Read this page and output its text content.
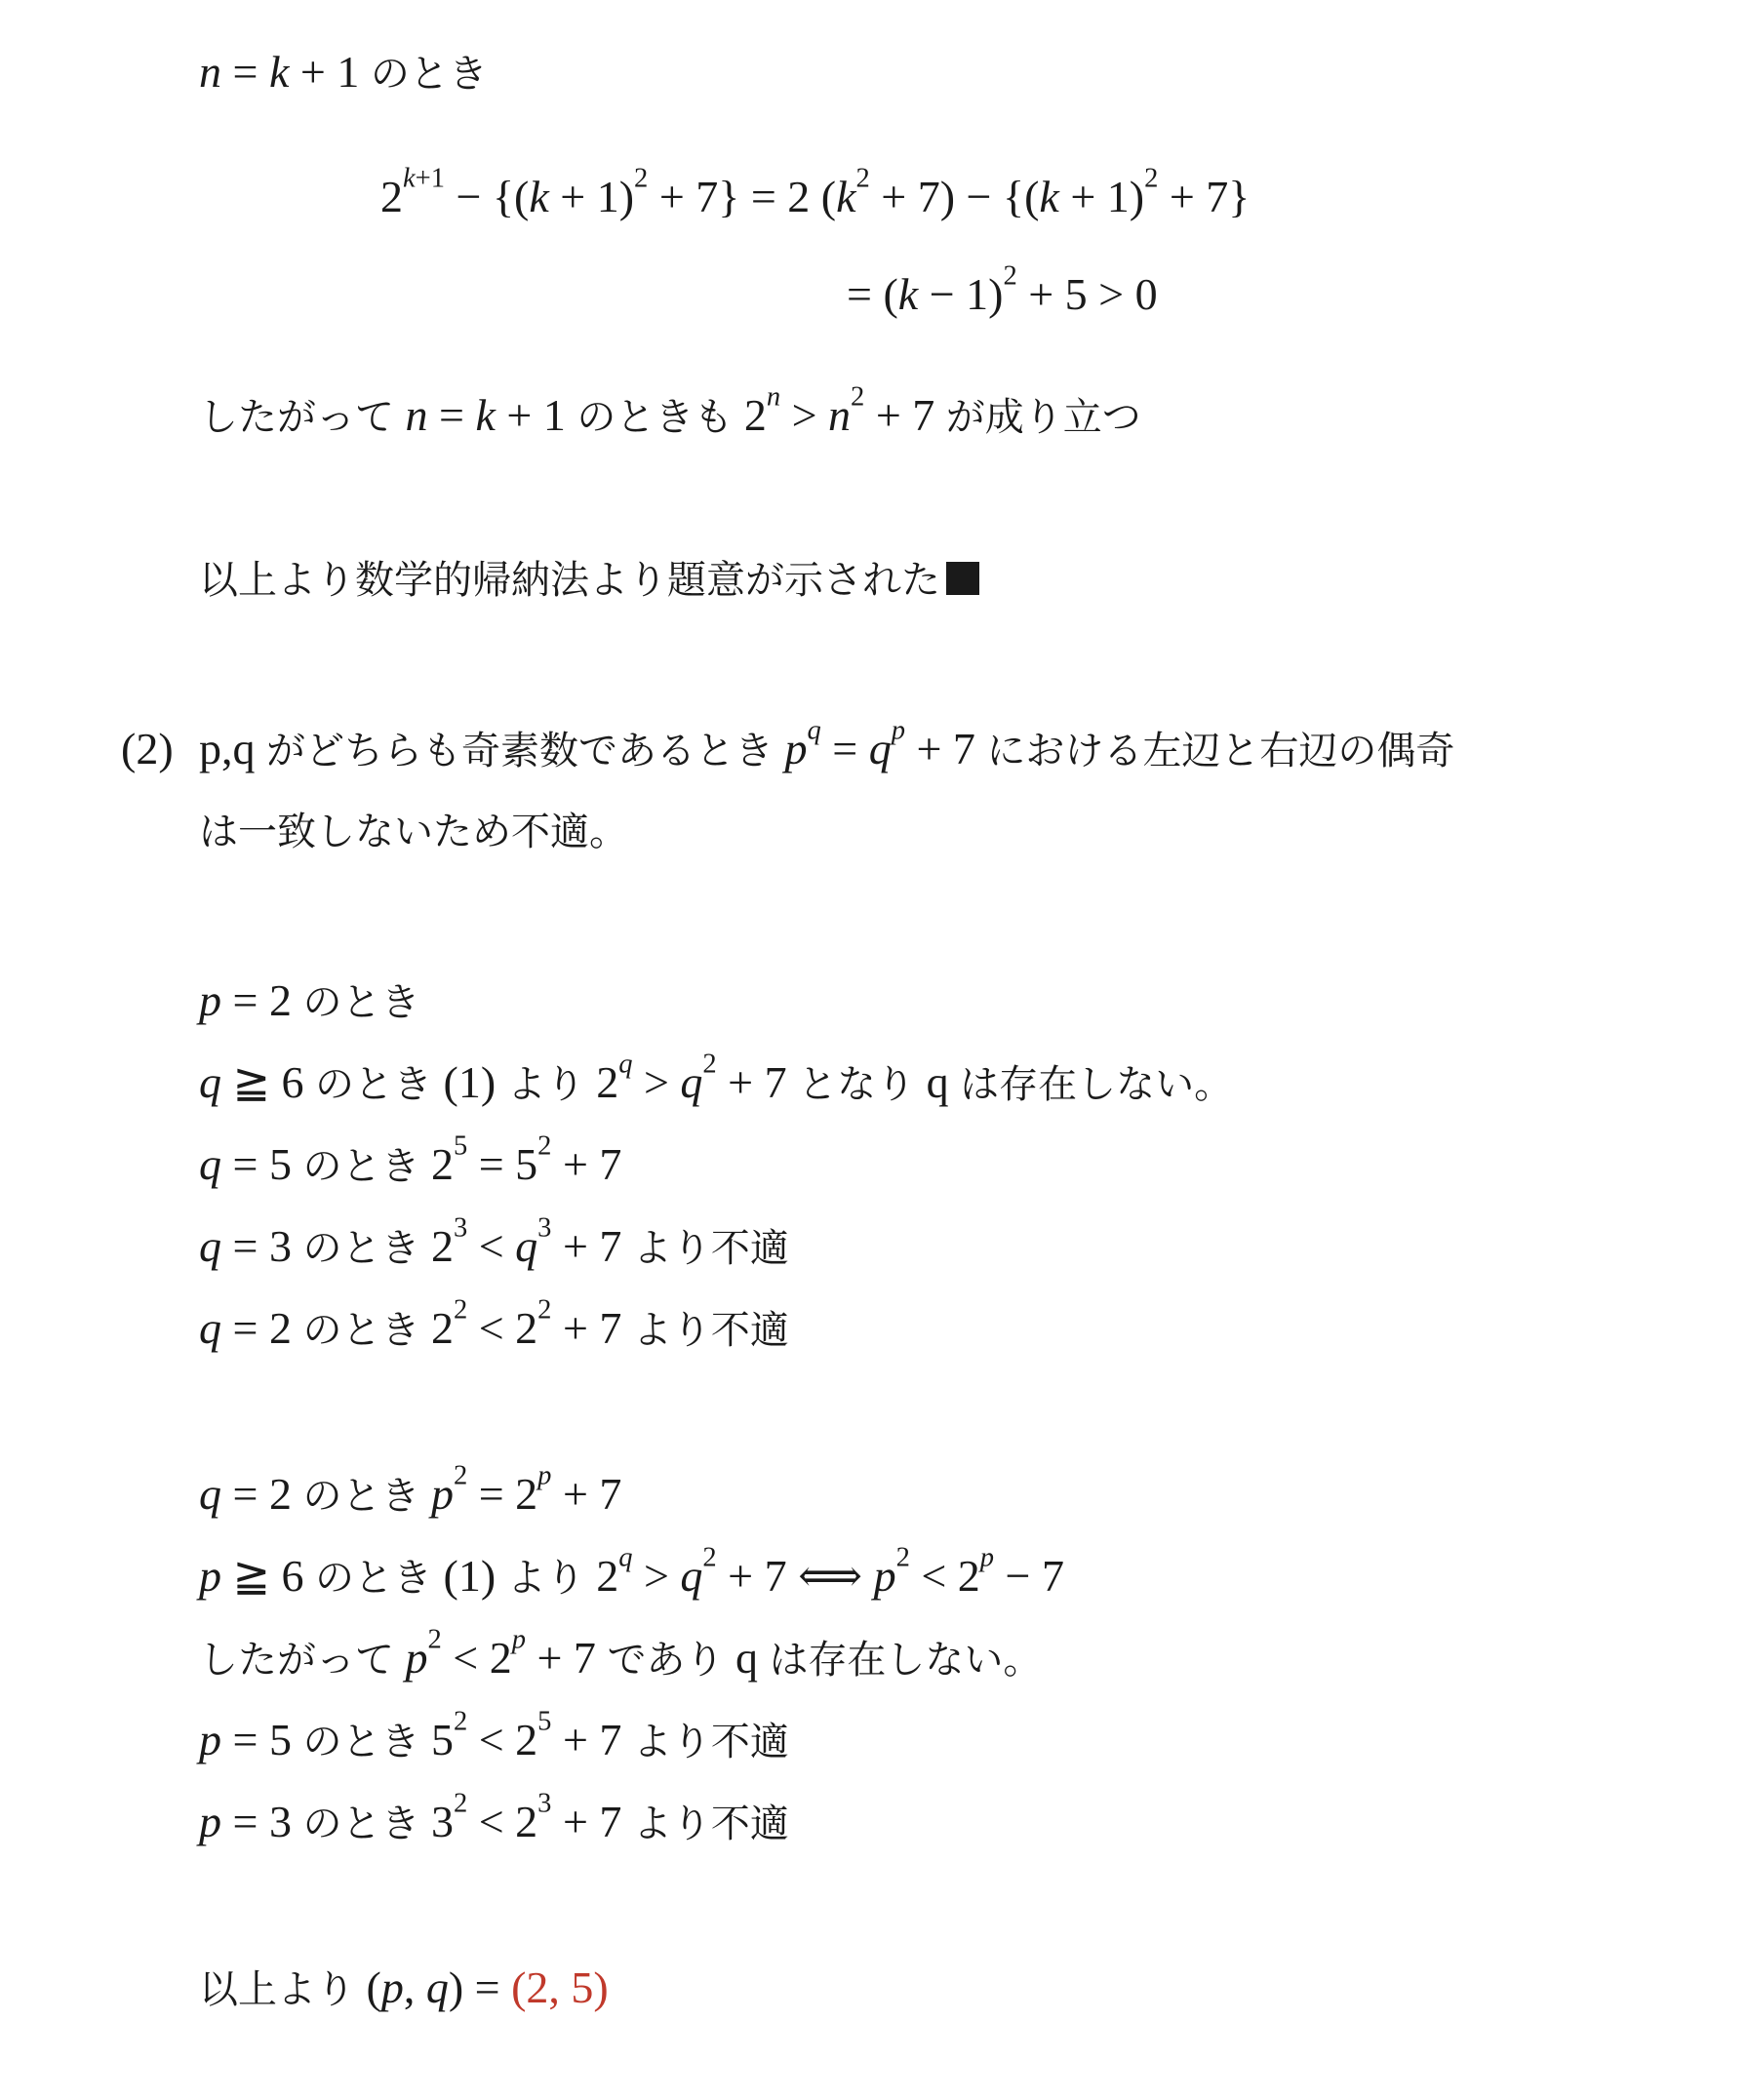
n = k + 1 のとき
$2^{k+1} - \{(k + 1)^2 + 7\} = 2$ $(k^2 + 7) - \{(k + 1)^2 + 7\}$
= $(k - 1)^2 + 5 > 0$
したがって n = k + 1 のときも $2^n > n^2 + 7$ が成り立つ
以上より数学的帰納法より題意が示された
(2) p,q がどちらも奇素数であるとき $p^q = q^p + 7$ における左辺と右辺の偶奇
は一致しないため不適。
p = 2 のとき
q ≧ 6 のとき (1) より $2^q > q^2 + 7$ となり q は存在しない。
q = 5 のとき $2^5 = 5^2 + 7$
q = 3 のとき $2^3 < q^3 + 7$ より不適
q = 2 のとき $2^2 < 2^2 + 7$ より不適
q = 2 のとき $p^2 = 2^p + 7$
p ≧ 6 のとき (1) より $2^q > q^2 + 7$ ⟺ $p^2 < 2^p - 7$
したがって $p^2 < 2^p + 7$ であり q は存在しない。
p = 5 のとき $5^2 < 2^5 + 7$ より不適
p = 3 のとき $3^2 < 2^3 + 7$ より不適
以上より (p, q) = (2, 5)
